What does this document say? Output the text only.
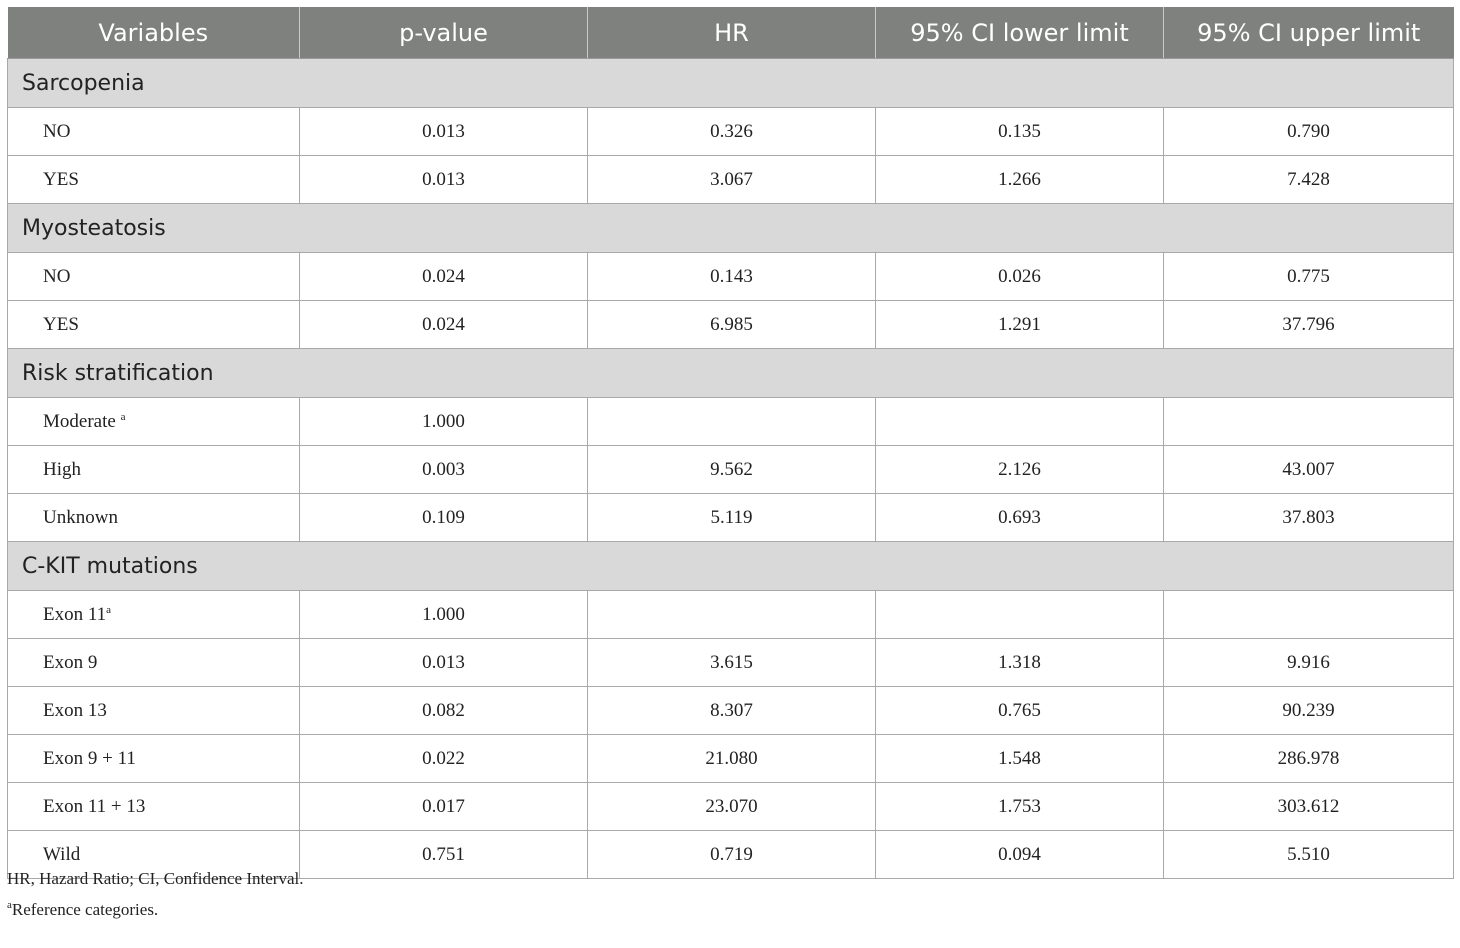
Variables	p-value	HR	95% CI lower limit	95% CI upper limit
Sarcopenia				
NO	0.013	0.326	0.135	0.790
YES	0.013	3.067	1.266	7.428
Myosteatosis				
NO	0.024	0.143	0.026	0.775
YES	0.024	6.985	1.291	37.796
Risk stratification				
Moderate $^a$	1.000			
High	0.003	9.562	2.126	43.007
Unknown	0.109	5.119	0.693	37.803
C-KIT mutations				
Exon 11$^a$	1.000			
Exon 9	0.013	3.615	1.318	9.916
Exon 13	0.082	8.307	0.765	90.239
Exon 9 + 11	0.022	21.080	1.548	286.978
Exon 11 + 13	0.017	23.070	1.753	303.612
Wild	0.751	0.719	0.094	5.510
HR, Hazard Ratio; CI, Confidence Interval.
$^a$Reference categories.
